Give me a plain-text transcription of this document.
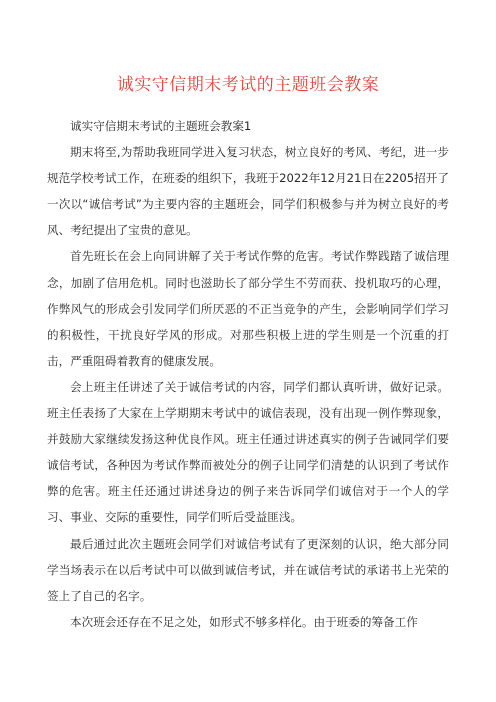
诚实守信期末考试的主题班会教案

诚实守信期末考试的主题班会教案1

期末将至,为帮助我班同学进入复习状态，树立良好的考风、考纪，进一步规范学校考试工作，在班委的组织下，我班于2022年12月21日在2205招开了一次以“诚信考试”为主要内容的主题班会，同学们积极参与并为树立良好的考风、考纪提出了宝贵的意见。

首先班长在会上向同讲解了关于考试作弊的危害。考试作弊践踏了诚信理念，加剧了信用危机。同时也滋助长了部分学生不劳而获、投机取巧的心理，作弊风气的形成会引发同学们所厌恶的不正当竞争的产生，会影响同学们学习的积极性，干扰良好学风的形成。对那些积极上进的学生则是一个沉重的打击，严重阻碍着教育的健康发展。

会上班主任讲述了关于诚信考试的内容，同学们都认真听讲，做好记录。班主任表扬了大家在上学期期末考试中的诚信表现，没有出现一例作弊现象，并鼓励大家继续发扬这种优良作风。班主任通过讲述真实的例子告诫同学们要诚信考试，各种因为考试作弊而被处分的例子让同学们清楚的认识到了考试作弊的危害。班主任还通过讲述身边的例子来告诉同学们诚信对于一个人的学习、事业、交际的重要性，同学们听后受益匪浅。

最后通过此次主题班会同学们对诚信考试有了更深刻的认识，绝大部分同学当场表示在以后考试中可以做到诚信考试，并在诚信考试的承诺书上光荣的签上了自己的名字。

本次班会还存在不足之处，如形式不够多样化。由于班委的筹备工作
